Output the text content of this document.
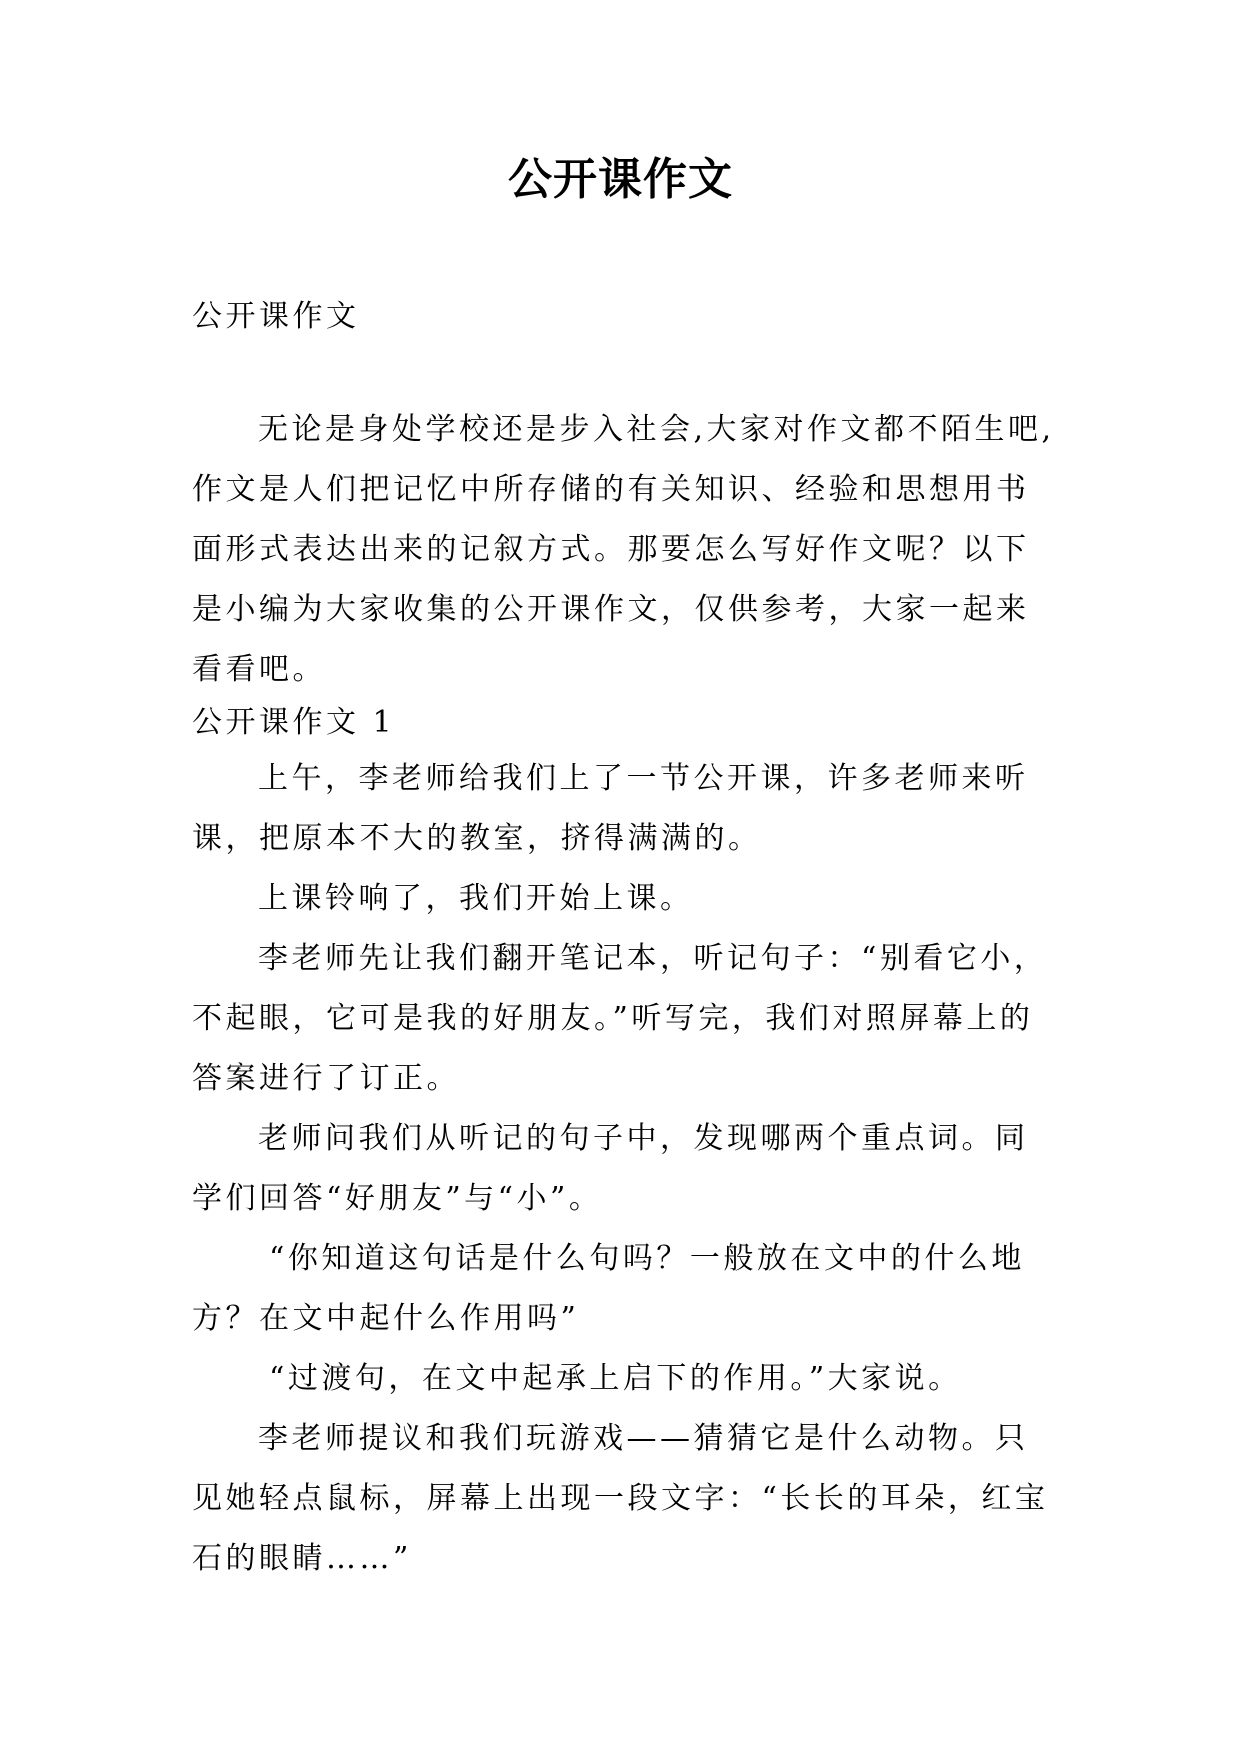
公开课作文
公开课作文
无论是身处学校还是步入社会,大家对作文都不陌生吧,作文是人们把记忆中所存储的有关知识、经验和思想用书面形式表达出来的记叙方式。那要怎么写好作文呢？以下是小编为大家收集的公开课作文，仅供参考，大家一起来看看吧。
公开课作文 1

上午，李老师给我们上了一节公开课，许多老师来听课，把原本不大的教室，挤得满满的。

上课铃响了，我们开始上课。

李老师先让我们翻开笔记本，听记句子：“别看它小，不起眼，它可是我的好朋友。”听写完，我们对照屏幕上的答案进行了订正。

老师问我们从听记的句子中，发现哪两个重点词。同学们回答“好朋友”与“小”。

“你知道这句话是什么句吗？一般放在文中的什么地方？在文中起什么作用吗”

“过渡句，在文中起承上启下的作用。”大家说。

李老师提议和我们玩游戏——猜猜它是什么动物。只见她轻点鼠标，屏幕上出现一段文字：“长长的耳朵，红宝石的眼睛……”
